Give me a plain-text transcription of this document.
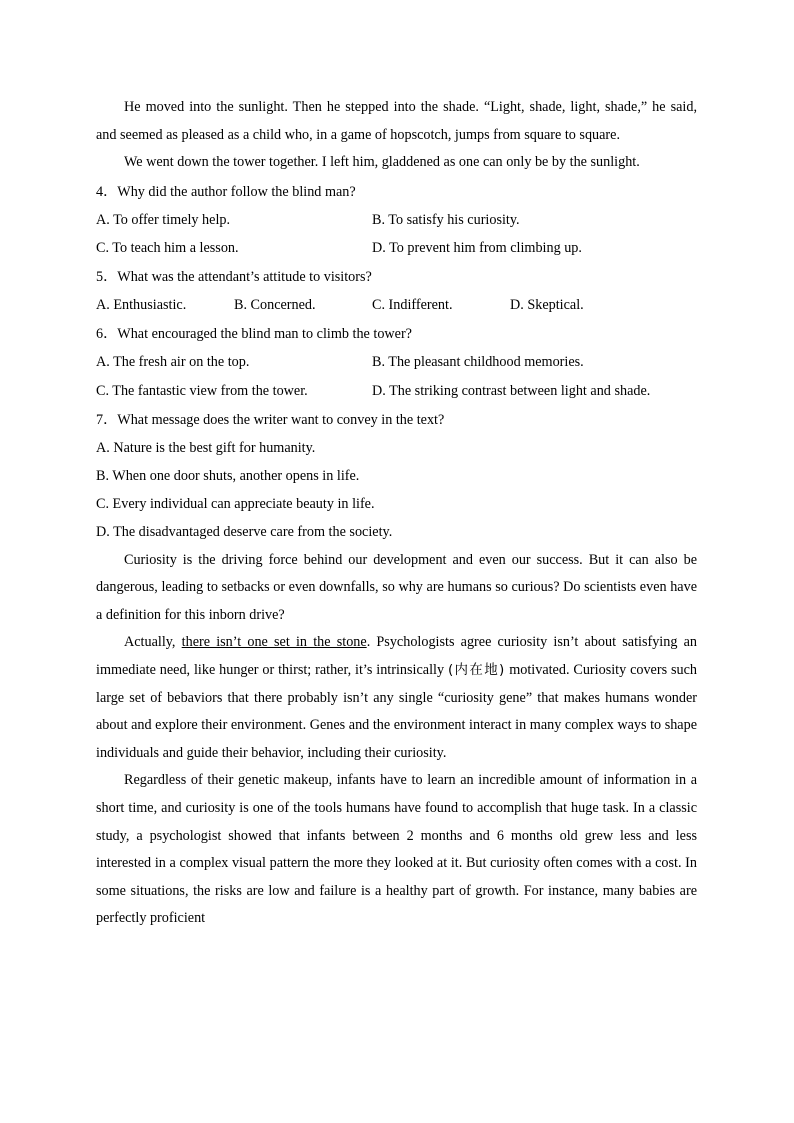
He moved into the sunlight. Then he stepped into the shade. “Light, shade, light, shade,” he said, and seemed as pleased as a child who, in a game of hopscotch, jumps from square to square.

We went down the tower together. I left him, gladdened as one can only be by the sunlight.

4．Why did the author follow the blind man?

A. To offer timely help.	B. To satisfy his curiosity.
C. To teach him a lesson.	D. To prevent him from climbing up.

5．What was the attendant’s attitude to visitors?

A. Enthusiastic.	B. Concerned.	C. Indifferent.	D. Skeptical.

6．What encouraged the blind man to climb the tower?

A. The fresh air on the top.	B. The pleasant childhood memories.
C. The fantastic view from the tower.	D. The striking contrast between light and shade.

7．What message does the writer want to convey in the text?

A. Nature is the best gift for humanity.

B. When one door shuts, another opens in life.

C. Every individual can appreciate beauty in life.

D. The disadvantaged deserve care from the society.

Curiosity is the driving force behind our development and even our success. But it can also be dangerous, leading to setbacks or even downfalls, so why are humans so curious? Do scientists even have a definition for this inborn drive?

Actually, there isn’t one set in the stone. Psychologists agree curiosity isn’t about satisfying an immediate need, like hunger or thirst; rather, it’s intrinsically (内在地) motivated. Curiosity covers such large set of bebaviors that there probably isn’t any single “curiosity gene” that makes humans wonder about and explore their environment. Genes and the environment interact in many complex ways to shape individuals and guide their behavior, including their curiosity.

Regardless of their genetic makeup, infants have to learn an incredible amount of information in a short time, and curiosity is one of the tools humans have found to accomplish that huge task. In a classic study, a psychologist showed that infants between 2 months and 6 months old grew less and less interested in a complex visual pattern the more they looked at it. But curiosity often comes with a cost. In some situations, the risks are low and failure is a healthy part of growth. For instance, many babies are perfectly proficient
